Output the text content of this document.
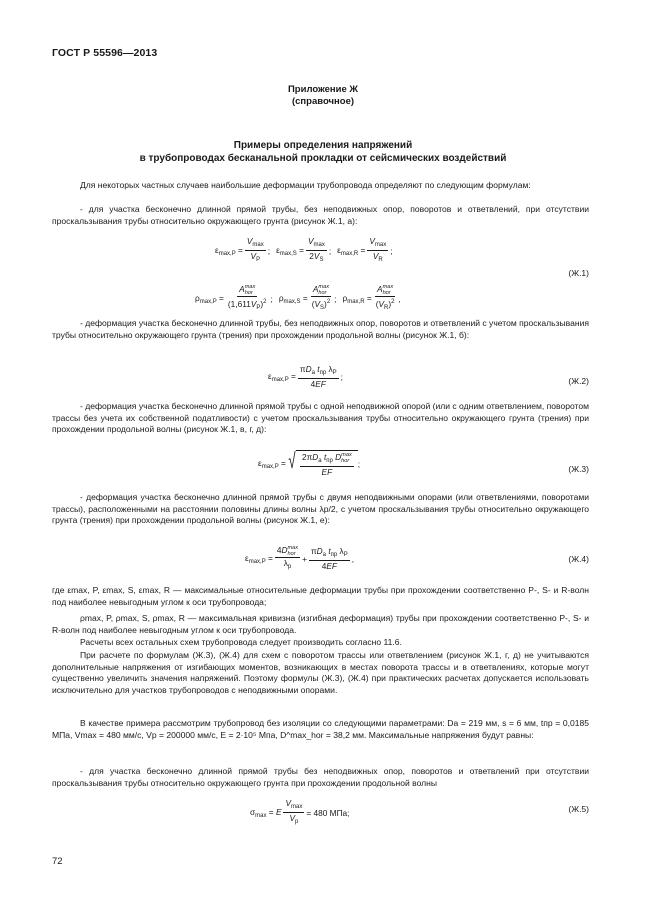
ГОСТ Р 55596—2013
Приложение Ж
(справочное)
Примеры определения напряжений
в трубопроводах бесканальной прокладки от сейсмических воздействий

Для некоторых частных случаев наибольшие деформации трубопровода определяют по следующим формулам:

- для участка бесконечно длинной прямой трубы, без неподвижных опор, поворотов и ответвлений, при отсутствии проскальзывания трубы относительно окружающего грунта (рисунок Ж.1, а):

$\varepsilon_{max,P} = \frac{V_{max}}{V_P}$ ; $\varepsilon_{max,S} = \frac{V_{max}}{2V_S}$ ; $\varepsilon_{max,R} = \frac{V_{max}}{V_R}$ ;
(Ж.1)
$\rho_{max,P} = A$ max
hor
$(1,611V_P)^2$ ; $\rho_{max,S} = A$ max
hor
$(V_S)^2$ ; $\rho_{max,R} = A$ max
hor
$(V_R)^2$ ,

- деформация участка бесконечно длинной трубы, без неподвижных опор, поворотов и ответвлений с учетом проскальзывания трубы относительно окружающего грунта (трения) при прохождении продольной волны (рисунок Ж.1, б):

$\varepsilon_{max,P} = \frac{\pi D_a t_{пр} \lambda_P}{4EF}$ ;	(Ж.2)

- деформация участка бесконечно длинной прямой трубы с одной неподвижной опорой (или с одним ответвлением, поворотом трассы без учета их собственной податливости) с учетом проскальзывания трубы относительно окружающего грунта (трения) при прохождении продольной волны (рисунок Ж.1, в, г, д):

$\varepsilon_{max,P}$ = √ $2\pi D_a$ $t_{пр}$ D max
hor
EF ;
(Ж.3)

- деформация участка бесконечно длинной прямой трубы с двумя неподвижными опорами (или ответвлениями, поворотами трассы), расположенными на расстоянии половины длины волны λр/2, с учетом проскальзывания трубы относительно окружающего грунта (трения) при прохождении продольной волны (рисунок Ж.1, е):

$\varepsilon_{max,P} = 4D$ max
hor
$\lambda_p + \frac{\pi D_a t_{пр} \lambda_P}{4EF}$ ,	(Ж.4)

где εmax, P, εmax, S, εmax, R — максимальные относительные деформации трубы при прохождении соответственно P-, S- и R-волн под наиболее невыгодным углом к оси трубопровода;

ρmax, P, ρmax, S, ρmax, R — максимальная кривизна (изгибная деформация) трубы при прохождении соответственно P-, S- и R-волн под наиболее невыгодным углом к оси трубопровода.

Расчеты всех остальных схем трубопровода следует производить согласно 11.6.

При расчете по формулам (Ж.3), (Ж.4) для схем с поворотом трассы или ответвлением (рисунок Ж.1, г, д) не учитываются дополнительные напряжения от изгибающих моментов, возникающих в местах поворота трассы и в ответвлениях, которые могут существенно увеличить значения напряжений. Поэтому формулы (Ж.3), (Ж.4) при практических расчетах допускается использовать исключительно для участков трубопроводов с неподвижными опорами.

В качестве примера рассмотрим трубопровод без изоляции со следующими параметрами: Da = 219 мм, s = 6 мм, tпр = 0,0185 МПа, Vmax = 480 мм/с, Vp = 200000 мм/с, E = 2·10⁵ Мпа, D^max_hor = 38,2 мм. Максимальные напряжения будут равны:

- для участка бесконечно длинной прямой трубы без неподвижных опор, поворотов и ответвлений при отсутствии проскальзывания трубы относительно окружающего грунта при прохождении продольной волны

$\sigma_{max} = E \frac{V_{max}}{V_p} = 480$ МПа;	(Ж.5)
72
